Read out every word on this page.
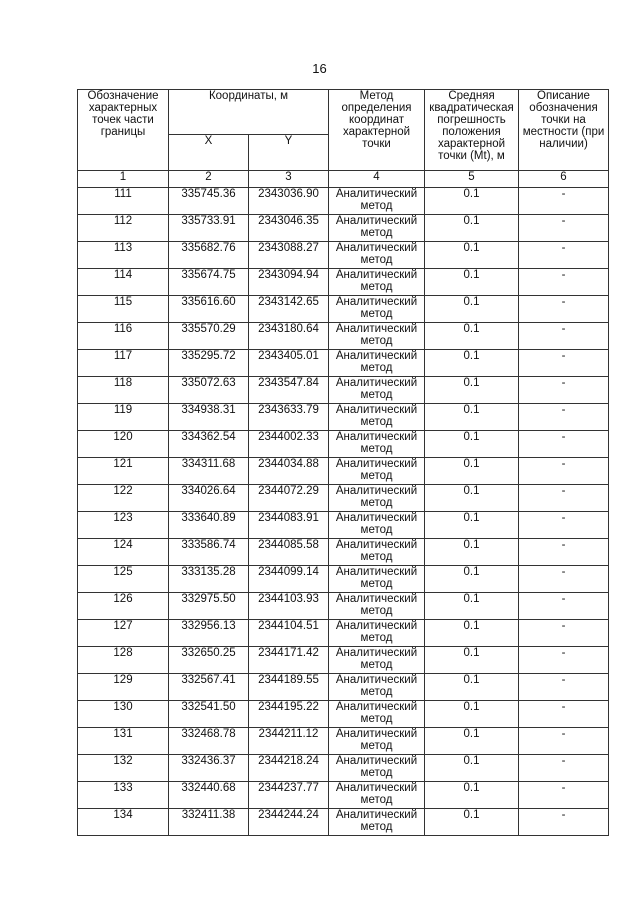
16
Обозначение характерных точек части границы	Координаты, м		Метод определения координат характерной точки	Средняя квадратическая погрешность положения характерной точки (Mt), м	Описание обозначения точки на местности (при наличии)
	X	Y			
1	2	3	4	5	6
111	335745.36	2343036.90	Аналитический метод	0.1	-
112	335733.91	2343046.35	Аналитический метод	0.1	-
113	335682.76	2343088.27	Аналитический метод	0.1	-
114	335674.75	2343094.94	Аналитический метод	0.1	-
115	335616.60	2343142.65	Аналитический метод	0.1	-
116	335570.29	2343180.64	Аналитический метод	0.1	-
117	335295.72	2343405.01	Аналитический метод	0.1	-
118	335072.63	2343547.84	Аналитический метод	0.1	-
119	334938.31	2343633.79	Аналитический метод	0.1	-
120	334362.54	2344002.33	Аналитический метод	0.1	-
121	334311.68	2344034.88	Аналитический метод	0.1	-
122	334026.64	2344072.29	Аналитический метод	0.1	-
123	333640.89	2344083.91	Аналитический метод	0.1	-
124	333586.74	2344085.58	Аналитический метод	0.1	-
125	333135.28	2344099.14	Аналитический метод	0.1	-
126	332975.50	2344103.93	Аналитический метод	0.1	-
127	332956.13	2344104.51	Аналитический метод	0.1	-
128	332650.25	2344171.42	Аналитический метод	0.1	-
129	332567.41	2344189.55	Аналитический метод	0.1	-
130	332541.50	2344195.22	Аналитический метод	0.1	-
131	332468.78	2344211.12	Аналитический метод	0.1	-
132	332436.37	2344218.24	Аналитический метод	0.1	-
133	332440.68	2344237.77	Аналитический метод	0.1	-
134	332411.38	2344244.24	Аналитический метод	0.1	-
